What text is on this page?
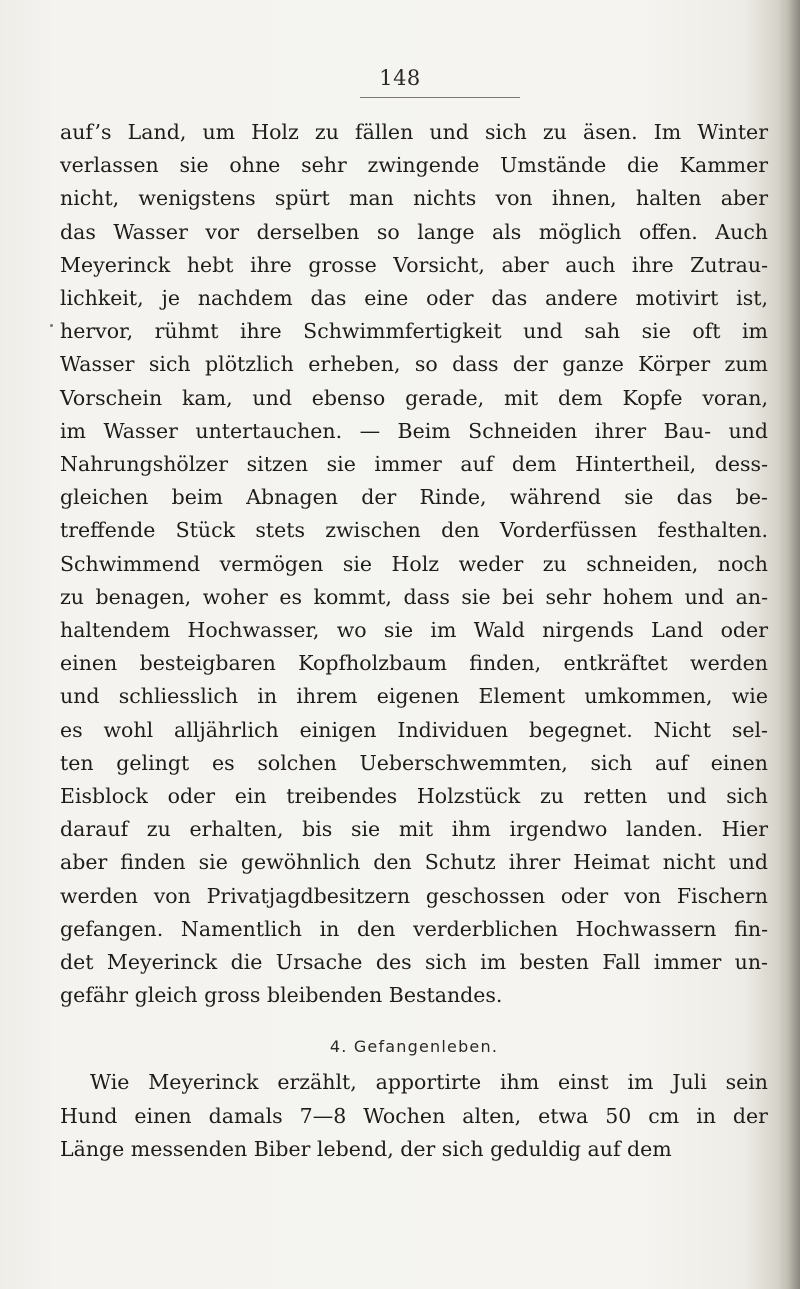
148
auf’s Land, um Holz zu fällen und sich zu äsen. Im Winter
verlassen sie ohne sehr zwingende Umstände die Kammer
nicht, wenigstens spürt man nichts von ihnen, halten aber
das Wasser vor derselben so lange als möglich offen. Auch
Meyerinck hebt ihre grosse Vorsicht, aber auch ihre Zutrau-
lichkeit, je nachdem das eine oder das andere motivirt ist,
hervor, rühmt ihre Schwimmfertigkeit und sah sie oft im
Wasser sich plötzlich erheben, so dass der ganze Körper zum
Vorschein kam, und ebenso gerade, mit dem Kopfe voran,
im Wasser untertauchen. — Beim Schneiden ihrer Bau- und
Nahrungshölzer sitzen sie immer auf dem Hintertheil, dess-
gleichen beim Abnagen der Rinde, während sie das be-
treffende Stück stets zwischen den Vorderfüssen festhalten.
Schwimmend vermögen sie Holz weder zu schneiden, noch
zu benagen, woher es kommt, dass sie bei sehr hohem und an-
haltendem Hochwasser, wo sie im Wald nirgends Land oder
einen besteigbaren Kopfholzbaum finden, entkräftet werden
und schliesslich in ihrem eigenen Element umkommen, wie
es wohl alljährlich einigen Individuen begegnet. Nicht sel-
ten gelingt es solchen Ueberschwemmten, sich auf einen
Eisblock oder ein treibendes Holzstück zu retten und sich
darauf zu erhalten, bis sie mit ihm irgendwo landen. Hier
aber finden sie gewöhnlich den Schutz ihrer Heimat nicht und
werden von Privatjagdbesitzern geschossen oder von Fischern
gefangen. Namentlich in den verderblichen Hochwassern fin-
det Meyerinck die Ursache des sich im besten Fall immer un-
gefähr gleich gross bleibenden Bestandes.
4. Gefangenleben.
Wie Meyerinck erzählt, apportirte ihm einst im Juli sein
Hund einen damals 7—8 Wochen alten, etwa 50 cm in der
Länge messenden Biber lebend, der sich geduldig auf dem
